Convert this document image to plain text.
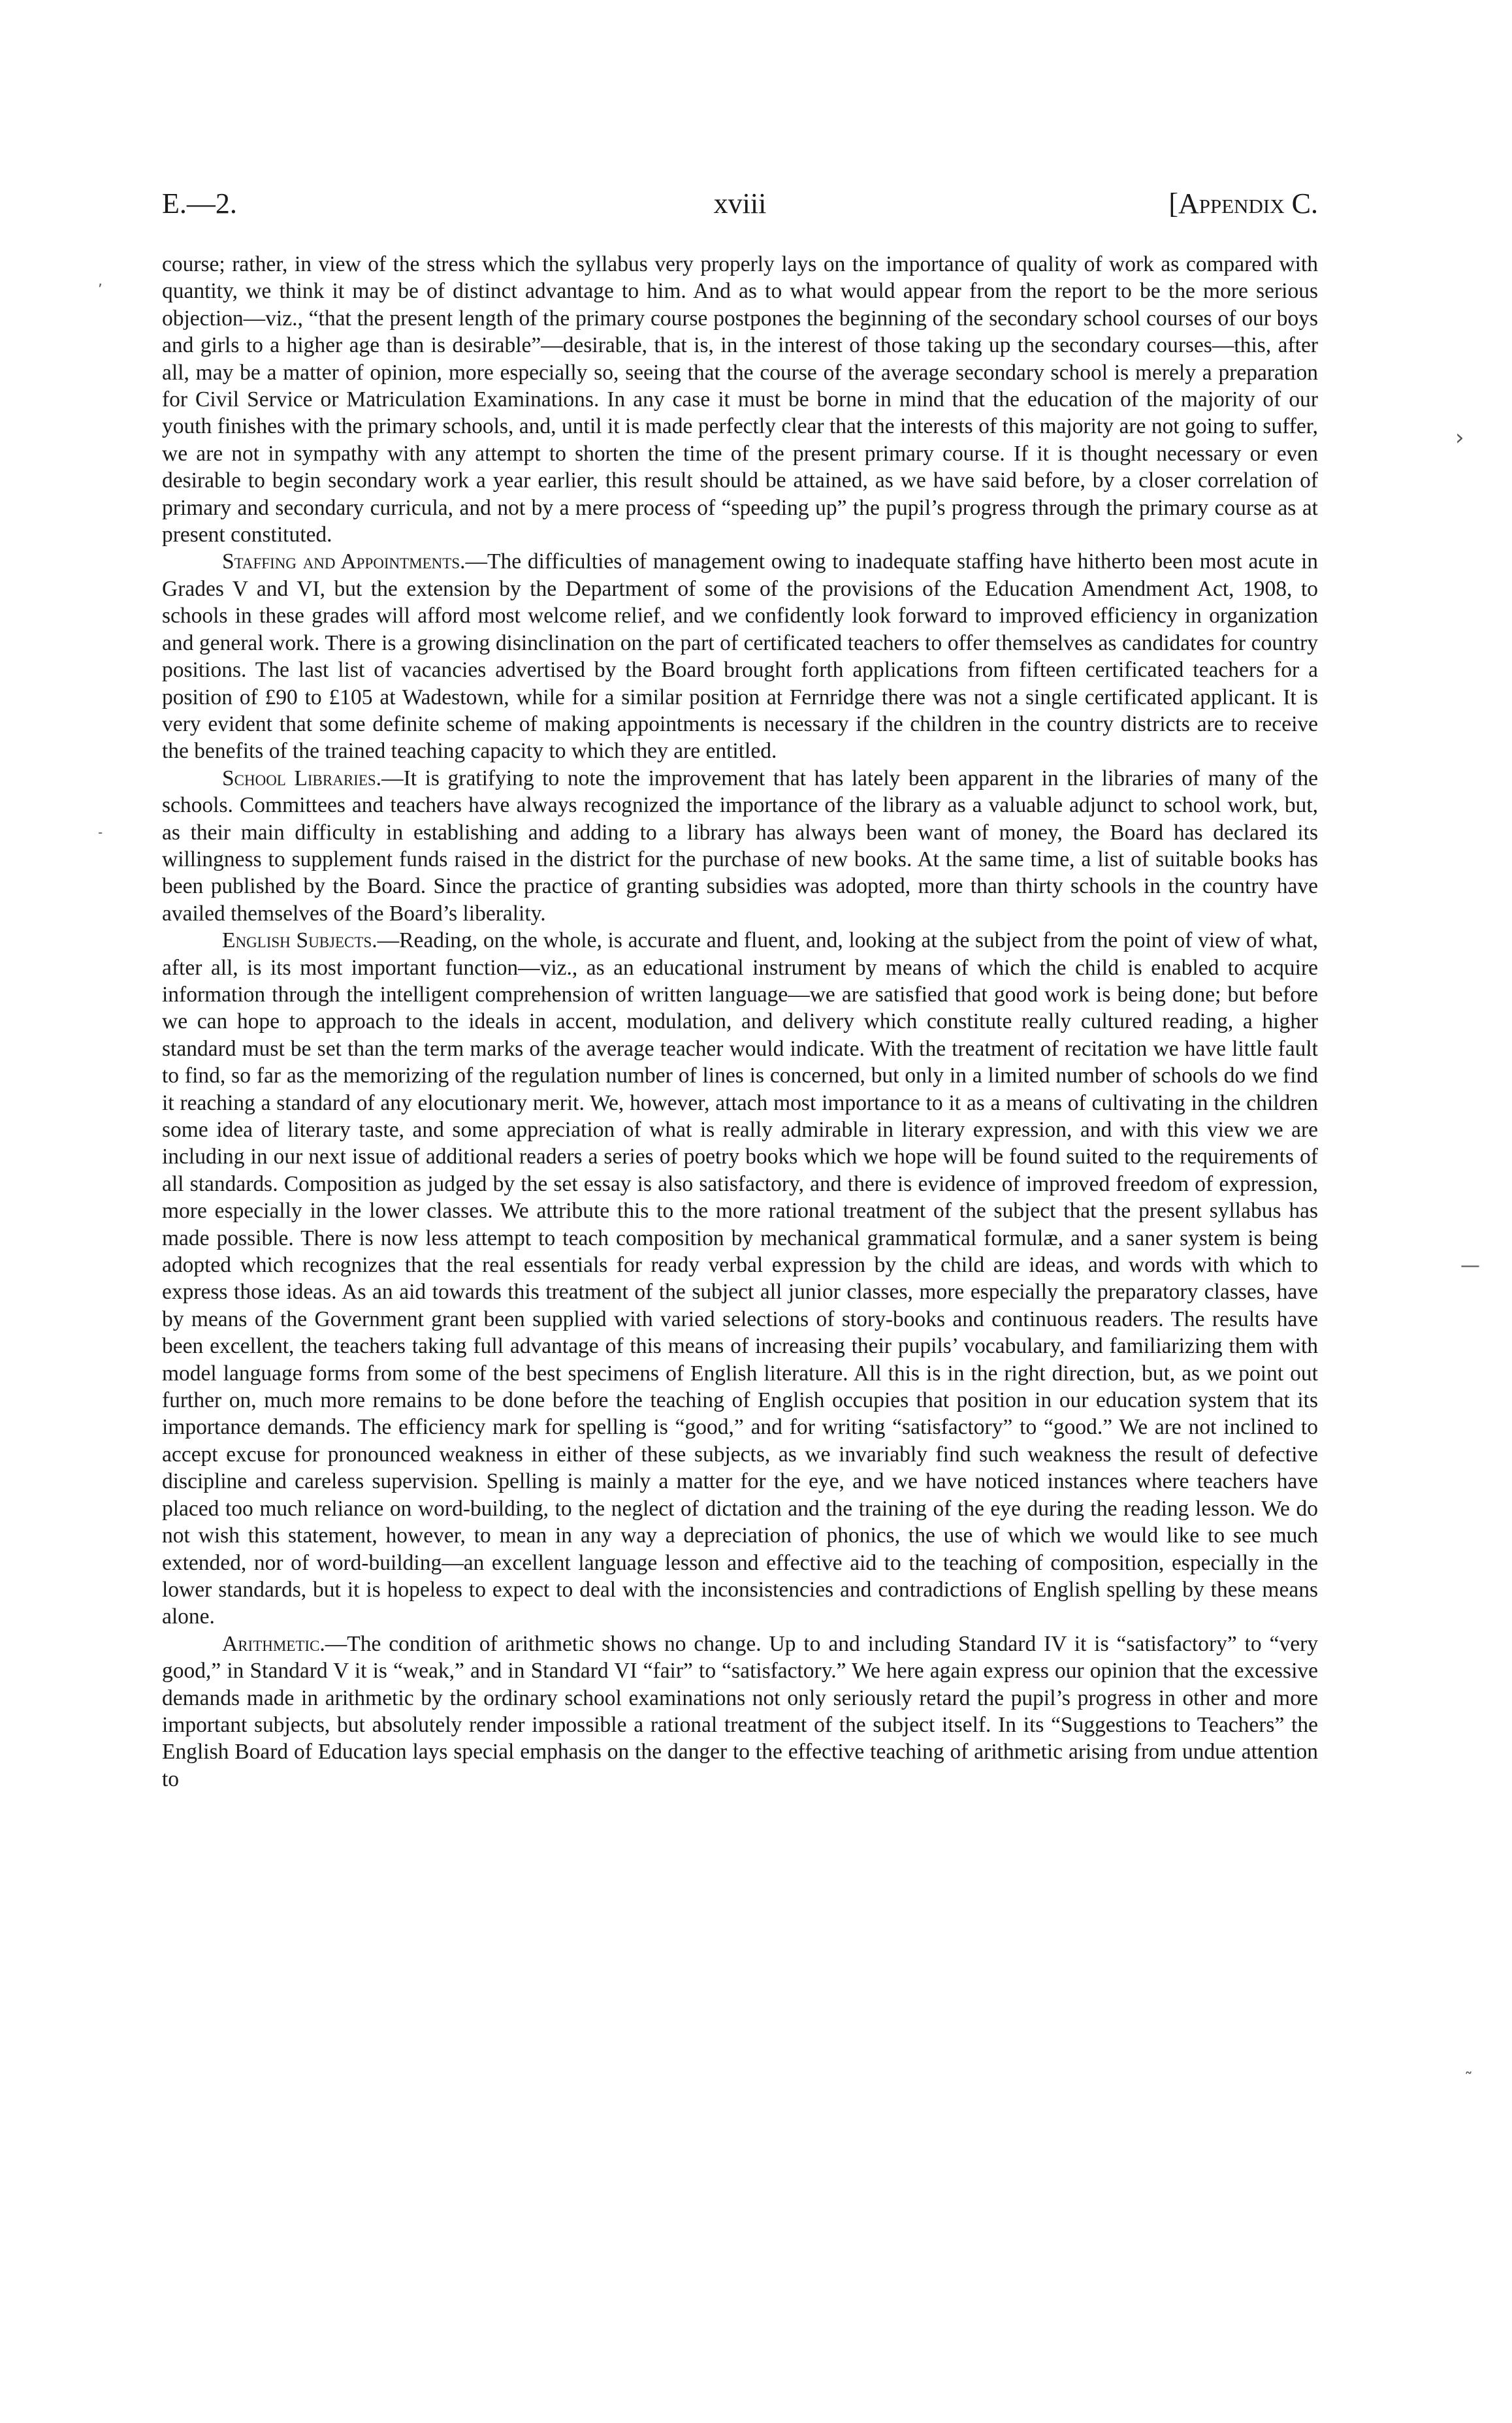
E.—2.	xviii	[Appendix C.

course; rather, in view of the stress which the syllabus very properly lays on the importance of quality of work as compared with quantity, we think it may be of distinct advantage to him. And as to what would appear from the report to be the more serious objection—viz., “that the present length of the primary course postpones the beginning of the secondary school courses of our boys and girls to a higher age than is desirable”—desirable, that is, in the interest of those taking up the secondary courses—this, after all, may be a matter of opinion, more especially so, seeing that the course of the average secondary school is merely a preparation for Civil Service or Matriculation Examinations. In any case it must be borne in mind that the education of the majority of our youth finishes with the primary schools, and, until it is made perfectly clear that the interests of this majority are not going to suffer, we are not in sympathy with any attempt to shorten the time of the present primary course. If it is thought necessary or even desirable to begin secondary work a year earlier, this result should be attained, as we have said before, by a closer correlation of primary and secondary curricula, and not by a mere process of “speeding up” the pupil’s progress through the primary course as at present constituted.

Staffing and Appointments.—The difficulties of management owing to inadequate staffing have hitherto been most acute in Grades V and VI, but the extension by the Department of some of the provisions of the Education Amendment Act, 1908, to schools in these grades will afford most welcome relief, and we confidently look forward to improved efficiency in organization and general work. There is a growing disinclination on the part of certificated teachers to offer themselves as candidates for country positions. The last list of vacancies advertised by the Board brought forth applications from fifteen certificated teachers for a position of £90 to £105 at Wadestown, while for a similar position at Fernridge there was not a single certificated applicant. It is very evident that some definite scheme of making appointments is necessary if the children in the country districts are to receive the benefits of the trained teaching capacity to which they are entitled.

School Libraries.—It is gratifying to note the improvement that has lately been apparent in the libraries of many of the schools. Committees and teachers have always recognized the importance of the library as a valuable adjunct to school work, but, as their main difficulty in establishing and adding to a library has always been want of money, the Board has declared its willingness to supplement funds raised in the district for the purchase of new books. At the same time, a list of suitable books has been published by the Board. Since the practice of granting subsidies was adopted, more than thirty schools in the country have availed themselves of the Board’s liberality.

English Subjects.—Reading, on the whole, is accurate and fluent, and, looking at the subject from the point of view of what, after all, is its most important function—viz., as an educational instrument by means of which the child is enabled to acquire information through the intelligent comprehension of written language—we are satisfied that good work is being done; but before we can hope to approach to the ideals in accent, modulation, and delivery which constitute really cultured reading, a higher standard must be set than the term marks of the average teacher would indicate. With the treatment of recitation we have little fault to find, so far as the memorizing of the regulation number of lines is concerned, but only in a limited number of schools do we find it reaching a standard of any elocutionary merit. We, however, attach most importance to it as a means of cultivating in the children some idea of literary taste, and some appreciation of what is really admirable in literary expression, and with this view we are including in our next issue of additional readers a series of poetry books which we hope will be found suited to the requirements of all standards. Composition as judged by the set essay is also satisfactory, and there is evidence of improved freedom of expression, more especially in the lower classes. We attribute this to the more rational treatment of the subject that the present syllabus has made possible. There is now less attempt to teach composition by mechanical grammatical formulæ, and a saner system is being adopted which recognizes that the real essentials for ready verbal expression by the child are ideas, and words with which to express those ideas. As an aid towards this treatment of the subject all junior classes, more especially the preparatory classes, have by means of the Government grant been supplied with varied selections of story-books and continuous readers. The results have been excellent, the teachers taking full advantage of this means of increasing their pupils’ vocabulary, and familiarizing them with model language forms from some of the best specimens of English literature. All this is in the right direction, but, as we point out further on, much more remains to be done before the teaching of English occupies that position in our education system that its importance demands. The efficiency mark for spelling is “good,” and for writing “satisfactory” to “good.” We are not inclined to accept excuse for pronounced weakness in either of these subjects, as we invariably find such weakness the result of defective discipline and careless supervision. Spelling is mainly a matter for the eye, and we have noticed instances where teachers have placed too much reliance on word-building, to the neglect of dictation and the training of the eye during the reading lesson. We do not wish this statement, however, to mean in any way a depreciation of phonics, the use of which we would like to see much extended, nor of word-building—an excellent language lesson and effective aid to the teaching of composition, especially in the lower standards, but it is hopeless to expect to deal with the inconsistencies and contradictions of English spelling by these means alone.

Arithmetic.—The condition of arithmetic shows no change. Up to and including Standard IV it is “satisfactory” to “very good,” in Standard V it is “weak,” and in Standard VI “fair” to “satisfactory.” We here again express our opinion that the excessive demands made in arithmetic by the ordinary school examinations not only seriously retard the pupil’s progress in other and more important subjects, but absolutely render impossible a rational treatment of the subject itself. In its “Suggestions to Teachers” the English Board of Education lays special emphasis on the danger to the effective teaching of arithmetic arising from undue attention to

,
›
—
˜
-
